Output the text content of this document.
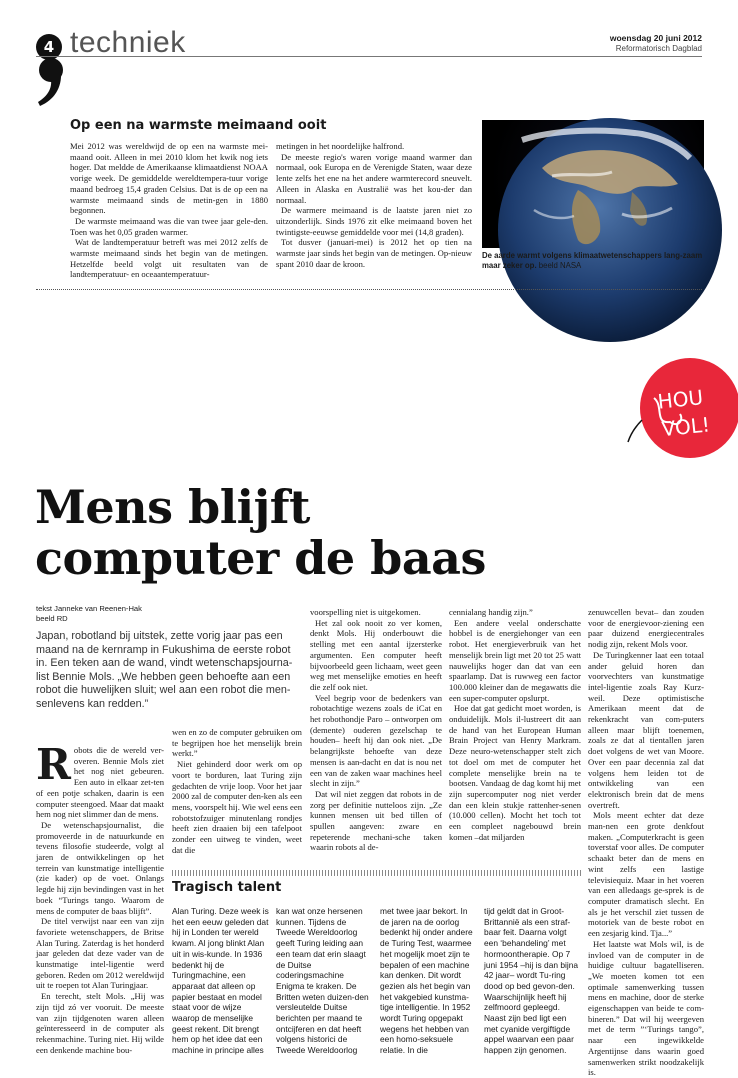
4 techniek	woensdag 20 juni 2012
Reformatorisch Dagblad
Op een na warmste meimaand ooit

Mei 2012 was wereldwijd de op een na warmste mei-maand ooit. Alleen in mei 2010 klom het kwik nog iets hoger. Dat meldde de Amerikaanse klimaatdienst NOAA vorige week. De gemiddelde wereldtempera-tuur vorige maand bedroeg 15,4 graden Celsius. Dat is de op een na warmste meimaand sinds de metin-gen in 1880 begonnen.

De warmste meimaand was die van twee jaar gele-den. Toen was het 0,05 graden warmer.

Wat de landtemperatuur betreft was mei 2012 zelfs de warmste meimaand sinds het begin van de metingen. Hetzelfde beeld volgt uit resultaten van de landtemperatuur- en oceaantemperatuur-

metingen in het noordelijke halfrond.

De meeste regio's waren vorige maand warmer dan normaal, ook Europa en de Verenigde Staten, waar deze lente zelfs het ene na het andere warmterecord sneuvelt. Alleen in Alaska en Australië was het kou-der dan normaal.

De warmere meimaand is de laatste jaren niet zo uitzonderlijk. Sinds 1976 zit elke meimaand boven het twintigste-eeuwse gemiddelde voor mei (14,8 graden).

Tot dusver (januari-mei) is 2012 het op tien na warmste jaar sinds het begin van de metingen. Op-nieuw spant 2010 daar de kroon.

De aarde warmt volgens klimaatwetenschappers lang-zaam maar zeker op. beeld NASA
HOU
VOL!
Mens blijft
computer de baas
tekst Janneke van Reenen-Hak
beeld RD
Japan, robotland bij uitstek, zette vorig jaar pas een maand na de kernramp in Fukushima de eerste robot in. Een teken aan de wand, vindt wetenschapsjourna-list Bennie Mols. „We hebben geen behoefte aan een robot die huwelijken sluit; wel aan een robot die men-senlevens kan redden.”

Robots die de wereld ver-overen. Bennie Mols ziet het nog niet gebeuren. Een auto in elkaar zet-ten of een potje schaken, daarin is een computer steengoed. Maar dat maakt hem nog niet slimmer dan de mens.

De wetenschapsjournalist, die promoveerde in de natuurkunde en tevens filosofie studeerde, volgt al jaren de ontwikkelingen op het terrein van kunstmatige intelligentie (zie kader) op de voet. Onlangs legde hij zijn bevindingen vast in het boek “Turings tango. Waarom de mens de computer de baas blijft”.

De titel verwijst naar een van zijn favoriete wetenschappers, de Britse Alan Turing. Zaterdag is het honderd jaar geleden dat deze vader van de kunstmatige intel-ligentie werd geboren. Reden om 2012 wereldwijd uit te roepen tot Alan Turingjaar.

En terecht, stelt Mols. „Hij was zijn tijd zó ver vooruit. De meeste van zijn tijdgenoten waren alleen geïnteresseerd in de computer als rekenmachine. Turing niet. Hij wilde een denkende machine bou-

wen en zo de computer gebruiken om te begrijpen hoe het menselijk brein werkt.”

Niet gehinderd door werk om op voort te borduren, laat Turing zijn gedachten de vrije loop. Voor het jaar 2000 zal de computer den-ken als een mens, voorspelt hij. Wie wel eens een robotstofzuiger minutenlang rondjes heeft zien draaien bij een tafelpoot zonder een uitweg te vinden, weet dat die

voorspelling niet is uitgekomen.

Het zal ook nooit zo ver komen, denkt Mols. Hij onderbouwt die stelling met een aantal ijzersterke argumenten. Een computer heeft bijvoorbeeld geen lichaam, weet geen weg met menselijke emoties en heeft die zelf ook niet.

Veel begrip voor de bedenkers van robotachtige wezens zoals de iCat en het robothondje Paro – ontworpen om (demente) ouderen gezelschap te houden– heeft hij dan ook niet. „De belangrijkste behoefte van deze mensen is aan-dacht en dat is nou net een van de zaken waar machines heel slecht in zijn.”

Dat wil niet zeggen dat robots in de zorg per definitie nutteloos zijn. „Ze kunnen mensen uit bed tillen of spullen aangeven: zware en repeterende mechani-sche taken waarin robots al de-

cennialang handig zijn.”

Een andere veelal onderschatte hobbel is de energiehonger van een robot. Het energieverbruik van het menselijk brein ligt met 20 tot 25 watt nauwelijks hoger dan dat van een spaarlamp. Dat is ruwweg een factor 100.000 kleiner dan de megawatts die een super-computer opslurpt.

Hoe dat gat gedicht moet worden, is onduidelijk. Mols il-lustreert dit aan de hand van het European Human Brain Project van Henry Markram. Deze neuro-wetenschapper stelt zich tot doel om met de computer het complete menselijke brein na te bootsen. Vandaag de dag komt hij met zijn supercomputer nog niet verder dan een klein stukje rattenher-senen (10.000 cellen). Mocht het toch tot een compleet nagebouwd brein komen –dat miljarden

zenuwcellen bevat– dan zouden voor de energievoor-ziening een paar duizend energiecentrales nodig zijn, rekent Mols voor.

De Turingkenner laat een totaal ander geluid horen dan voorvechters van kunstmatige intel-ligentie zoals Ray Kurz-weil. Deze optimistische Amerikaan meent dat de rekenkracht van com-puters alleen maar blijft toenemen, zoals ze dat al tientallen jaren doet volgens de wet van Moore. Over een paar decennia zal dat volgens hem leiden tot de ontwikkeling van een elektronisch brein dat de mens overtreft.

Mols meent echter dat deze man-nen een grote denkfout maken. „Computerkracht is geen toverstaf voor alles. De computer schaakt beter dan de mens en wint zelfs een lastige televisiequiz. Maar in het voeren van een alledaags ge-sprek is de computer dramatisch slecht. En als je het verschil ziet tussen de motoriek van de beste robot en een zesjarig kind. Tja...”

Het laatste wat Mols wil, is de invloed van de computer in de huidige cultuur bagatelliseren. „We moeten komen tot een optimale samenwerking tussen mens en machine, door de sterke eigenschappen van beide te com-bineren.” Dat wil hij weergeven met de term ”‘Turings tango”, naar een ingewikkelde Argentijnse dans waarin goed samenwerken strikt noodzakelijk is.

Tragisch talent
Alan Turing. Deze week is het een eeuw geleden dat hij in Londen ter wereld kwam. Al jong blinkt Alan uit in wis-kunde. In 1936 bedenkt hij de Turingmachine, een apparaat dat alleen op papier bestaat en model staat voor de wijze waarop de menselijke geest rekent. Dit brengt hem op het idee dat een machine in principe alles
kan wat onze hersenen kunnen. Tijdens de Tweede Wereldoorlog geeft Turing leiding aan een team dat erin slaagt de Duitse coderingsmachine Enigma te kraken. De Britten weten duizen-den versleutelde Duitse berichten per maand te ontcijferen en dat heeft volgens historici de Tweede Wereldoorlog
met twee jaar bekort. In de jaren na de oorlog bedenkt hij onder andere de Turing Test, waarmee het mogelijk moet zijn te bepalen of een machine kan denken. Dit wordt gezien als het begin van het vakgebied kunstma-tige intelligentie. In 1952 wordt Turing opgepakt wegens het hebben van een homo-seksuele relatie. In die
tijd geldt dat in Groot-Brittannië als een straf-baar feit. Daarna volgt een ‘behandeling’ met hormoontherapie. Op 7 juni 1954 –hij is dan bijna 42 jaar– wordt Tu-ring dood op bed gevon-den. Waarschijnlijk heeft hij zelfmoord gepleegd. Naast zijn bed ligt een met cyanide vergiftigde appel waarvan een paar happen zijn genomen.
